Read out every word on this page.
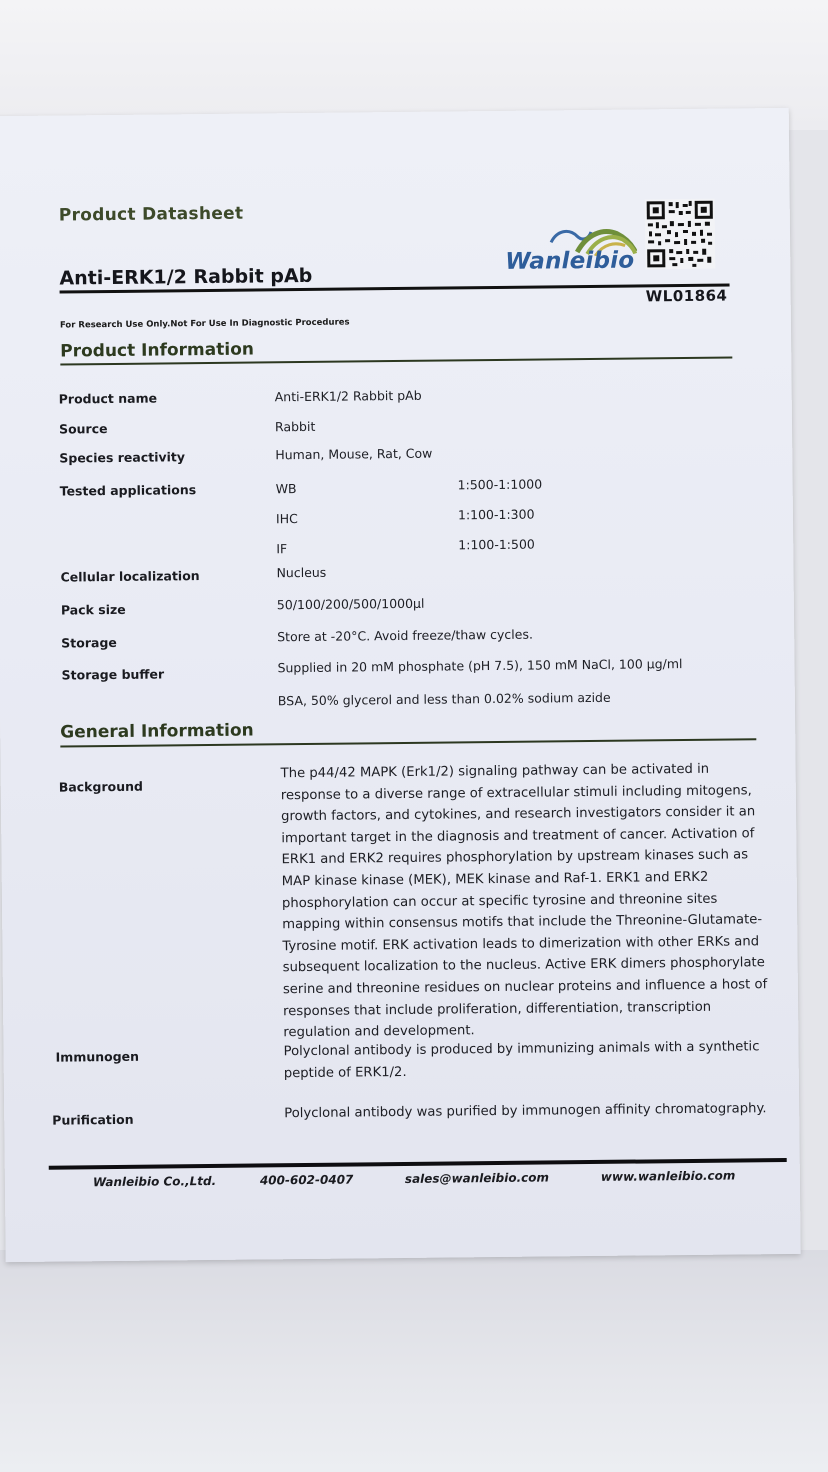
Product Datasheet
Wanleibio
Anti-ERK1/2 Rabbit pAb
WL01864
For Research Use Only.Not For Use In Diagnostic Procedures
Product Information
Product name	Anti-ERK1/2 Rabbit pAb
Source	Rabbit
Species reactivity	Human, Mouse, Rat, Cow
Tested applications	WB	1:500-1:1000
IHC	1:100-1:300
IF	1:100-1:500
Cellular localization	Nucleus
Pack size	50/100/200/500/1000µl
Storage	Store at -20°C. Avoid freeze/thaw cycles.
Storage buffer	Supplied in 20 mM phosphate (pH 7.5), 150 mM NaCl, 100 µg/ml
BSA, 50% glycerol and less than 0.02% sodium azide
General Information
Background
The p44/42 MAPK (Erk1/2) signaling pathway can be activated in response to a diverse range of extracellular stimuli including mitogens, growth factors, and cytokines, and research investigators consider it an important target in the diagnosis and treatment of cancer. Activation of ERK1 and ERK2 requires phosphorylation by upstream kinases such as MAP kinase kinase (MEK), MEK kinase and Raf-1. ERK1 and ERK2 phosphorylation can occur at specific tyrosine and threonine sites mapping within consensus motifs that include the Threonine-Glutamate-Tyrosine motif. ERK activation leads to dimerization with other ERKs and subsequent localization to the nucleus. Active ERK dimers phosphorylate serine and threonine residues on nuclear proteins and influence a host of responses that include proliferation, differentiation, transcription regulation and development.
Immunogen	Polyclonal antibody is produced by immunizing animals with a synthetic peptide of ERK1/2.
Purification	Polyclonal antibody was purified by immunogen affinity chromatography.
Wanleibio Co.,Ltd.	400-602-0407	sales@wanleibio.com	www.wanleibio.com
